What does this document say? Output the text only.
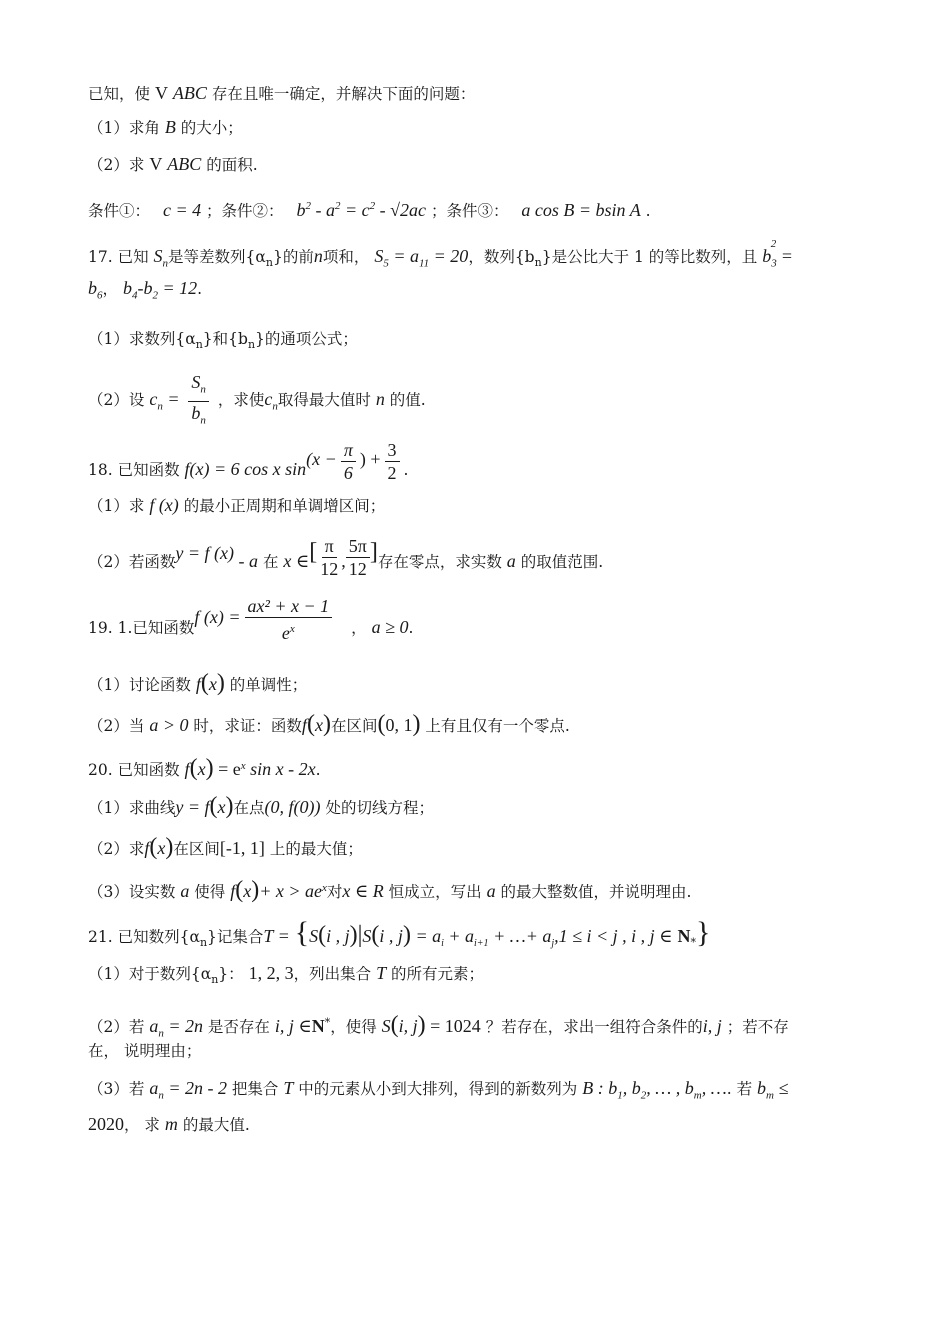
已知，使 V ABC 存在且唯一确定，并解决下面的问题：
（1）求角 B 的大小；
（2）求 V ABC 的面积.
条件①： c = 4 ；条件②： $b^2 - a^2 = c^2 - √2ac$ ；条件③： a cos B = bsin A .
17. 已知 $S_n$是等差数列$\{\alpha_n\}$的前n项和， $S_5 = a_{11} = 20$，数列$\{b_n\}$是公比大于 1 的等比数列，且 $b_3^2$ =
$b_6$， $b_4-b_2 = 12$.
（1）求数列$\{\alpha_n\}$和$\{b_n\}$的通项公式；
（2）设 $c_n = \frac{S_n}{b_n}$ ，求使$c_n$取得最大值时 n 的值.
18. 已知函数 f(x) = 6 cos x $\sin(x - \frac{\pi}{6}$ ) + $\frac{3}{2}$ .
（1）求 f (x) 的最小正周期和单调增区间；
（2）若函数y = f (x) - a 在 x ∈[ $\frac{\pi}{12}$ , $\frac{5\pi}{12}$ ]存在零点，求实数 a 的取值范围.
19. 1.已知函数f $(x) = \frac{\text{ax² + x − 1}}{e^x}$ ， a ≥ 0.
（1）讨论函数 f(x) 的单调性；
（2）当 a > 0 时，求证：函数f(x)在区间(0, 1) 上有且仅有一个零点.
20. 已知函数 $f(x) = e^x$ sin x - 2x.
（1）求曲线y = f(x)在点(0, f(0)) 处的切线方程；
（2）求f(x)在区间[-1, 1] 上的最大值；
（3）设实数 a 使得 $f(x)+ x > ae^x$对x ∈ R 恒成立，写出 a 的最大整数值，并说明理由.
21. 已知数列$\{\alpha_n\}$记集合T = {S(i , j)|S(i , $j) = a_i + a_{i+1}$ + …+ $a_j,1 \le i < j$ , i , j ∈ $N_*$}
（1）对于数列$\{\alpha_n\}$： 1, 2, 3，列出集合 T 的所有元素；
（2）若 $a_n = 2n$ 是否存在 i, j ∈N*，使得 S(i, j) = 1024 ？若存在，求出一组符合条件的i, j ；若不存
在， 说明理由；
（3）若 $a_n = 2n - 2$ 把集合 T 中的元素从小到大排列，得到的新数列为 B : $b_1$, $b_2$, … , $b_m$, …. 若 $b_m$ ≤
2020， 求 m 的最大值.
